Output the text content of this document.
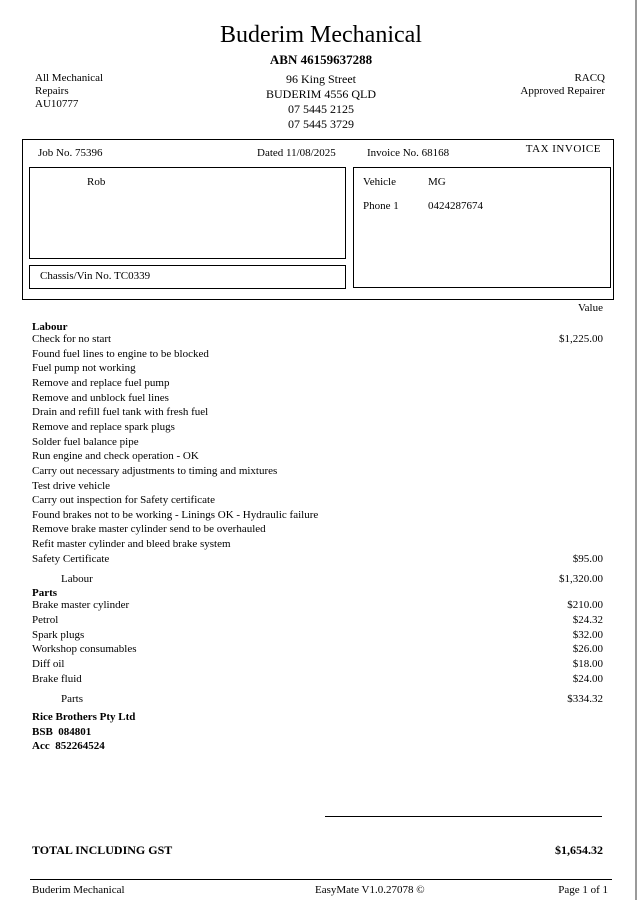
Buderim Mechanical
ABN 46159637288
All Mechanical
Repairs
AU10777
96 King Street
BUDERIM 4556 QLD
07 5445 2125
07 5445 3729
RACQ
Approved Repairer
Job No. 75396	Dated 11/08/2025	Invoice No. 68168	TAX INVOICE
Rob
Chassis/Vin No. TC0339
Vehicle	MG
Phone 1	0424287674
Value
Labour
Check for no start	$1,225.00
Found fuel lines to engine to be blocked
Fuel pump not working
Remove and replace fuel pump
Remove and unblock fuel lines
Drain and refill fuel tank with fresh fuel
Remove and replace spark plugs
Solder fuel balance pipe
Run engine and check operation - OK
Carry out necessary adjustments to timing and mixtures
Test drive vehicle
Carry out inspection for Safety certificate
Found brakes not to be working - Linings OK - Hydraulic failure
Remove brake master cylinder send to be overhauled
Refit master cylinder and bleed brake system
Safety Certificate	$95.00
Labour	$1,320.00
Parts
Brake master cylinder	$210.00
Petrol	$24.32
Spark plugs	$32.00
Workshop consumables	$26.00
Diff oil	$18.00
Brake fluid	$24.00
Parts	$334.32
Rice Brothers Pty Ltd
BSB  084801
Acc  852264524
TOTAL INCLUDING GST	$1,654.32
Buderim Mechanical	EasyMate V1.0.27078 ©	Page 1 of 1
